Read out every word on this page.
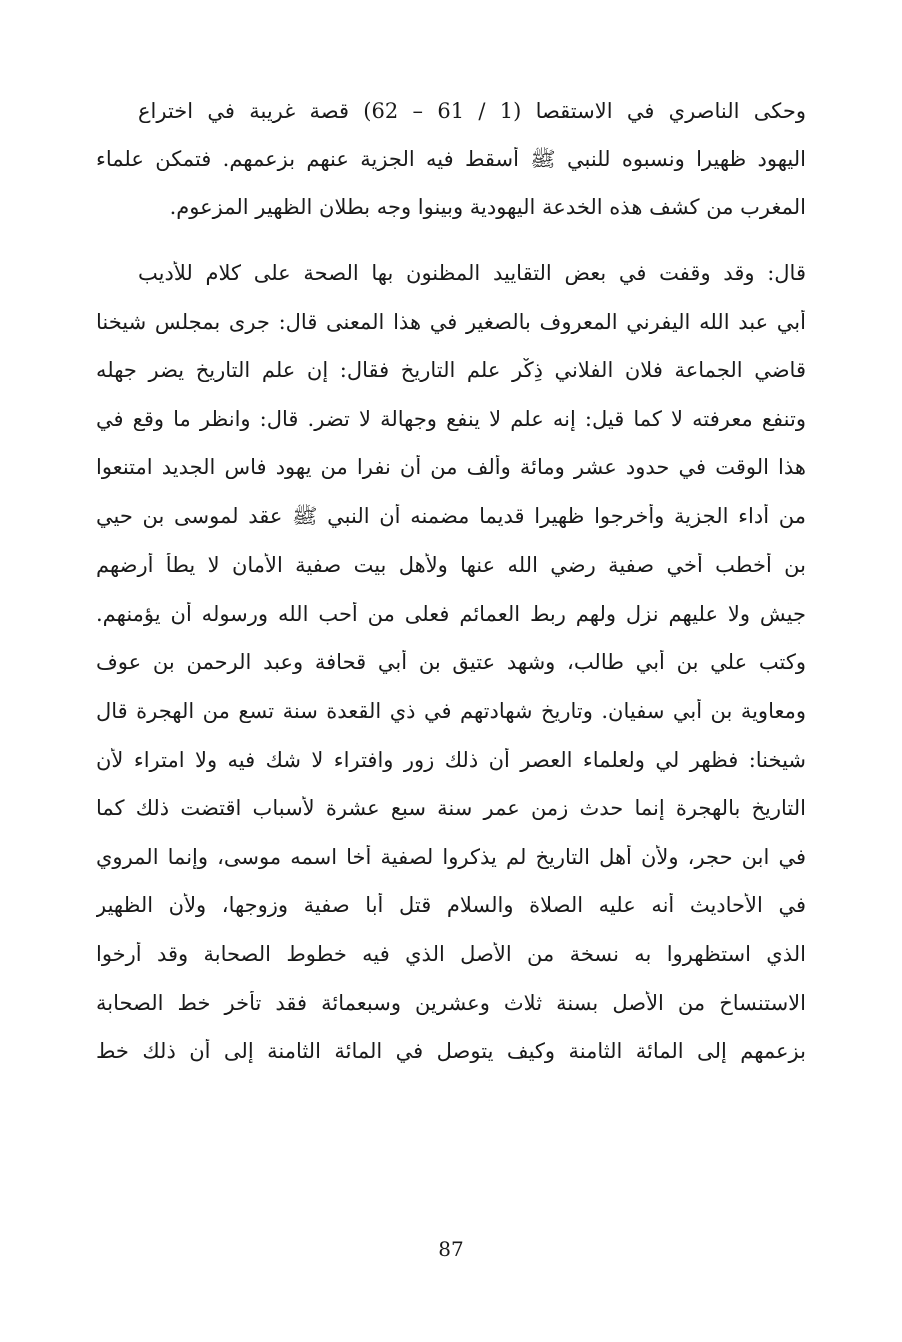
وحكى الناصري في الاستقصا (1 / 61 – 62) قصة غريبة في اختراع
اليهود ظهيرا ونسبوه للنبي ﷺ أسقط فيه الجزية عنهم بزعمهم. فتمكن علماء
المغرب من كشف هذه الخدعة اليهودية وبينوا وجه بطلان الظهير المزعوم.
قال: وقد وقفت في بعض التقاييد المظنون بها الصحة على كلام للأديب
أبي عبد الله اليفرني المعروف بالصغير في هذا المعنى قال: جرى بمجلس شيخنا
قاضي الجماعة فلان الفلاني ذِكْر علم التاريخ فقال: إن علم التاريخ يضر جهله
وتنفع معرفته لا كما قيل: إنه علم لا ينفع وجهالة لا تضر. قال: وانظر ما وقع في
هذا الوقت في حدود عشر ومائة وألف من أن نفرا من يهود فاس الجديد امتنعوا
من أداء الجزية وأخرجوا ظهيرا قديما مضمنه أن النبي ﷺ عقد لموسى بن حيي
بن أخطب أخي صفية رضي الله عنها ولأهل بيت صفية الأمان لا يطأ أرضهم
جيش ولا عليهم نزل ولهم ربط العمائم فعلى من أحب الله ورسوله أن يؤمنهم.
وكتب علي بن أبي طالب، وشهد عتيق بن أبي قحافة وعبد الرحمن بن عوف
ومعاوية بن أبي سفيان. وتاريخ شهادتهم في ذي القعدة سنة تسع من الهجرة قال
شيخنا: فظهر لي ولعلماء العصر أن ذلك زور وافتراء لا شك فيه ولا امتراء لأن
التاريخ بالهجرة إنما حدث زمن عمر سنة سبع عشرة لأسباب اقتضت ذلك كما
في ابن حجر، ولأن أهل التاريخ لم يذكروا لصفية أخا اسمه موسى، وإنما المروي
في الأحاديث أنه عليه الصلاة والسلام قتل أبا صفية وزوجها، ولأن الظهير
الذي استظهروا به نسخة من الأصل الذي فيه خطوط الصحابة وقد أرخوا
الاستنساخ من الأصل بسنة ثلاث وعشرين وسبعمائة فقد تأخر خط الصحابة
بزعمهم إلى المائة الثامنة وكيف يتوصل في المائة الثامنة إلى أن ذلك خط
87
